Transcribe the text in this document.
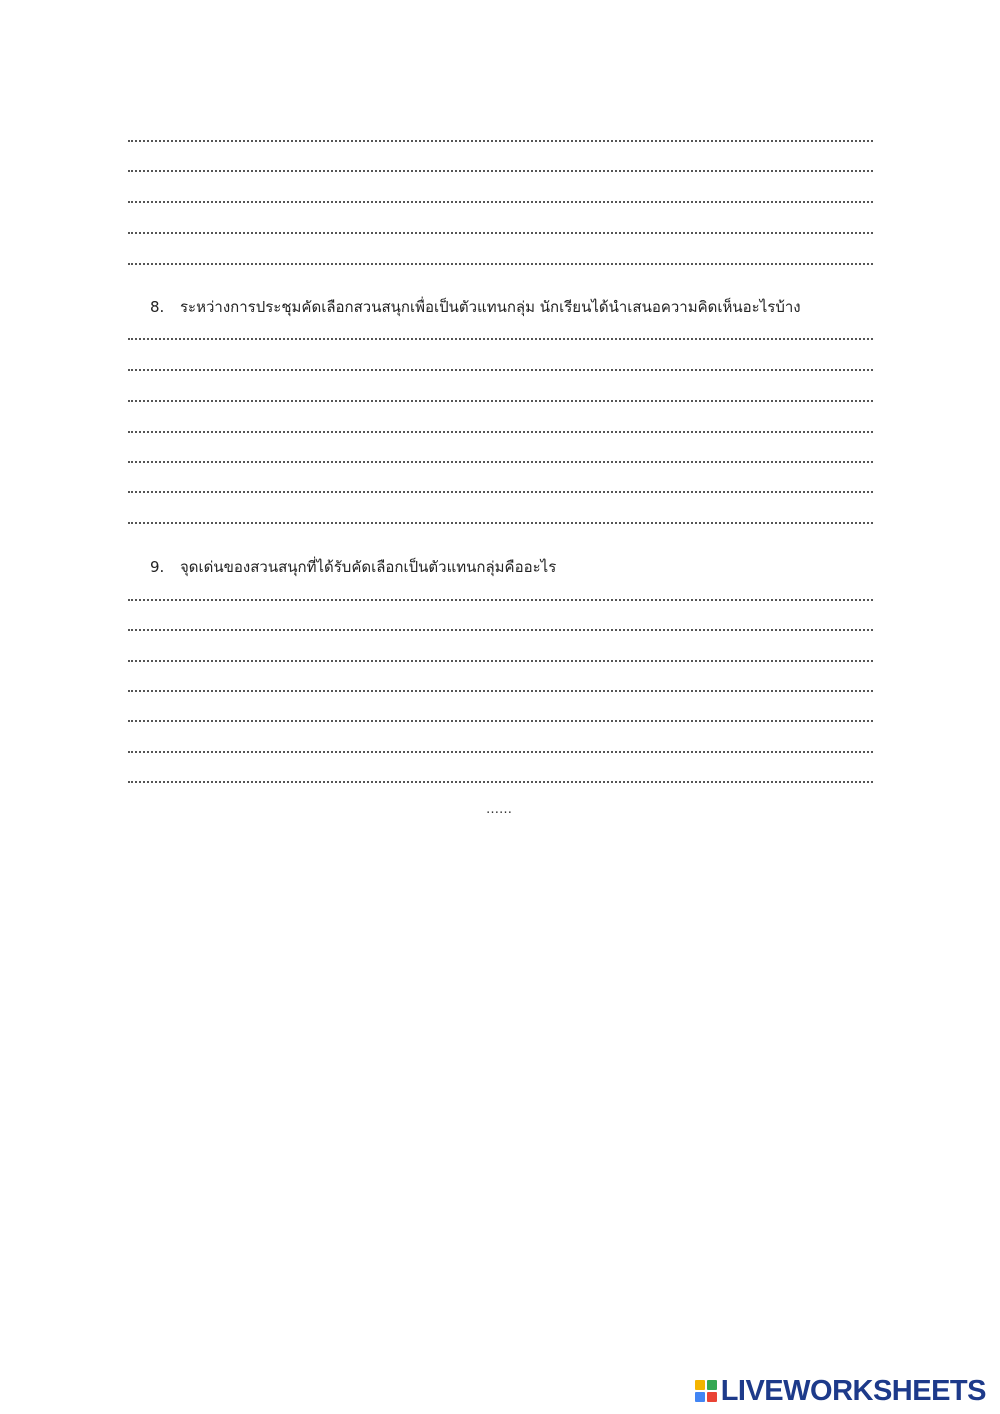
8. ระหว่างการประชุมคัดเลือกสวนสนุกเพื่อเป็นตัวแทนกลุ่ม นักเรียนได้นำเสนอความคิดเห็นอะไรบ้าง
9. จุดเด่นของสวนสนุกที่ได้รับคัดเลือกเป็นตัวแทนกลุ่มคืออะไร
……
LIVEWORKSHEETS
